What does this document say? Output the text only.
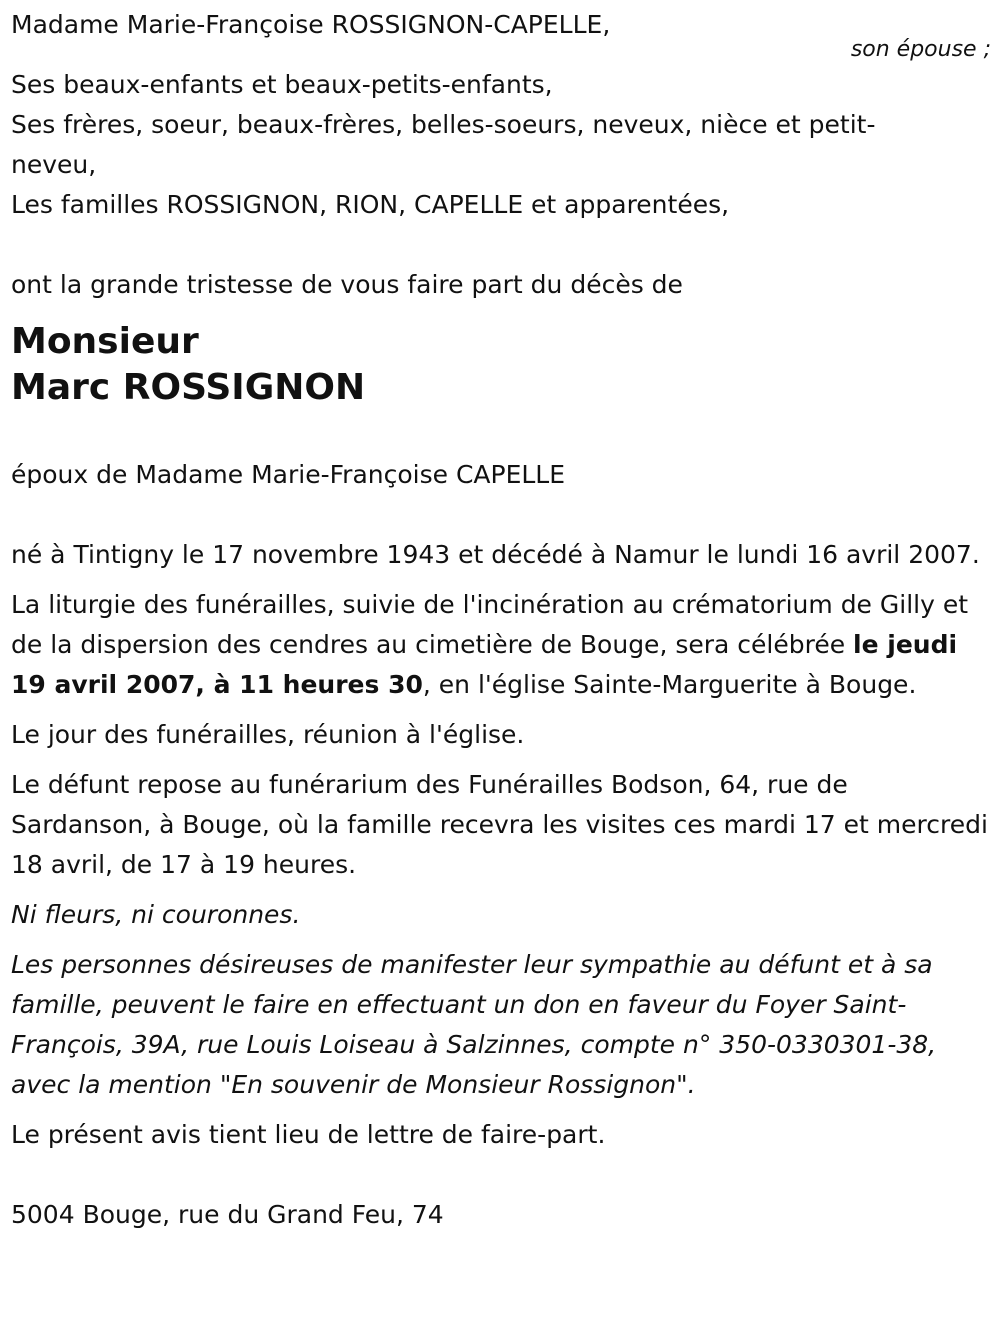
Madame Marie-Françoise ROSSIGNON-CAPELLE,
son épouse ;
Ses beaux-enfants et beaux-petits-enfants,
Ses frères, soeur, beaux-frères, belles-soeurs, neveux, nièce et petit-
neveu,
Les familles ROSSIGNON, RION, CAPELLE et apparentées,
ont la grande tristesse de vous faire part du décès de
Monsieur
Marc ROSSIGNON
époux de Madame Marie-Françoise CAPELLE

né à Tintigny le 17 novembre 1943 et décédé à Namur le lundi 16 avril 2007.

La liturgie des funérailles, suivie de l'incinération au crématorium de Gilly et de la dispersion des cendres au cimetière de Bouge, sera célébrée le jeudi 19 avril 2007, à 11 heures 30, en l'église Sainte-Marguerite à Bouge.

Le jour des funérailles, réunion à l'église.

Le défunt repose au funérarium des Funérailles Bodson, 64, rue de Sardanson, à Bouge, où la famille recevra les visites ces mardi 17 et mercredi 18 avril, de 17 à 19 heures.

Ni fleurs, ni couronnes.

Les personnes désireuses de manifester leur sympathie au défunt et à sa famille, peuvent le faire en effectuant un don en faveur du Foyer Saint-François, 39A, rue Louis Loiseau à Salzinnes, compte n° 350-0330301-38, avec la mention "En souvenir de Monsieur Rossignon".

Le présent avis tient lieu de lettre de faire-part.

5004 Bouge, rue du Grand Feu, 74
